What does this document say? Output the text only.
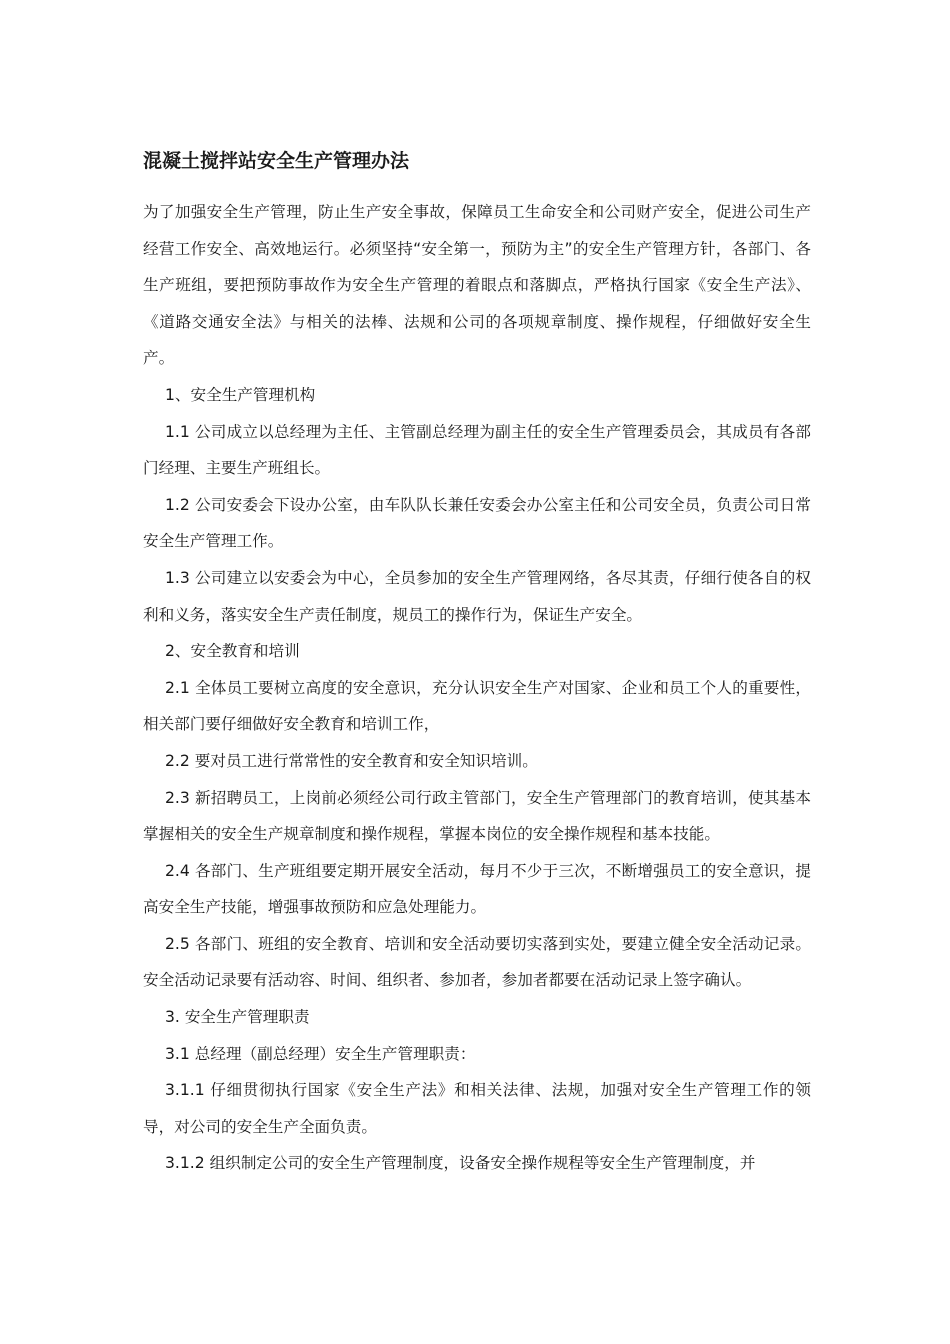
混凝土搅拌站安全生产管理办法

为了加强安全生产管理，防止生产安全事故，保障员工生命安全和公司财产安全，促进公司生产经营工作安全、高效地运行。必须坚持“安全第一，预防为主”的安全生产管理方针，各部门、各生产班组，要把预防事故作为安全生产管理的着眼点和落脚点，严格执行国家《安全生产法》、《道路交通安全法》与相关的法棒、法规和公司的各项规章制度、操作规程，仔细做好安全生产。

1、安全生产管理机构

1.1 公司成立以总经理为主任、主管副总经理为副主任的安全生产管理委员会，其成员有各部门经理、主要生产班组长。

1.2 公司安委会下设办公室，由车队队长兼任安委会办公室主任和公司安全员，负责公司日常安全生产管理工作。

1.3 公司建立以安委会为中心，全员参加的安全生产管理网络，各尽其责，仔细行使各自的权利和义务，落实安全生产责任制度，规员工的操作行为，保证生产安全。

2、安全教育和培训

2.1 全体员工要树立高度的安全意识，充分认识安全生产对国家、企业和员工个人的重要性，相关部门要仔细做好安全教育和培训工作，

2.2 要对员工进行常常性的安全教育和安全知识培训。

2.3 新招聘员工，上岗前必须经公司行政主管部门，安全生产管理部门的教育培训，使其基本掌握相关的安全生产规章制度和操作规程，掌握本岗位的安全操作规程和基本技能。

2.4 各部门、生产班组要定期开展安全活动，每月不少于三次，不断增强员工的安全意识，提高安全生产技能，增强事故预防和应急处理能力。

2.5 各部门、班组的安全教育、培训和安全活动要切实落到实处，要建立健全安全活动记录。安全活动记录要有活动容、时间、组织者、参加者，参加者都要在活动记录上签字确认。

3. 安全生产管理职责

3.1 总经理（副总经理）安全生产管理职责：

3.1.1 仔细贯彻执行国家《安全生产法》和相关法律、法规，加强对安全生产管理工作的领导，对公司的安全生产全面负责。

3.1.2 组织制定公司的安全生产管理制度，设备安全操作规程等安全生产管理制度，并
